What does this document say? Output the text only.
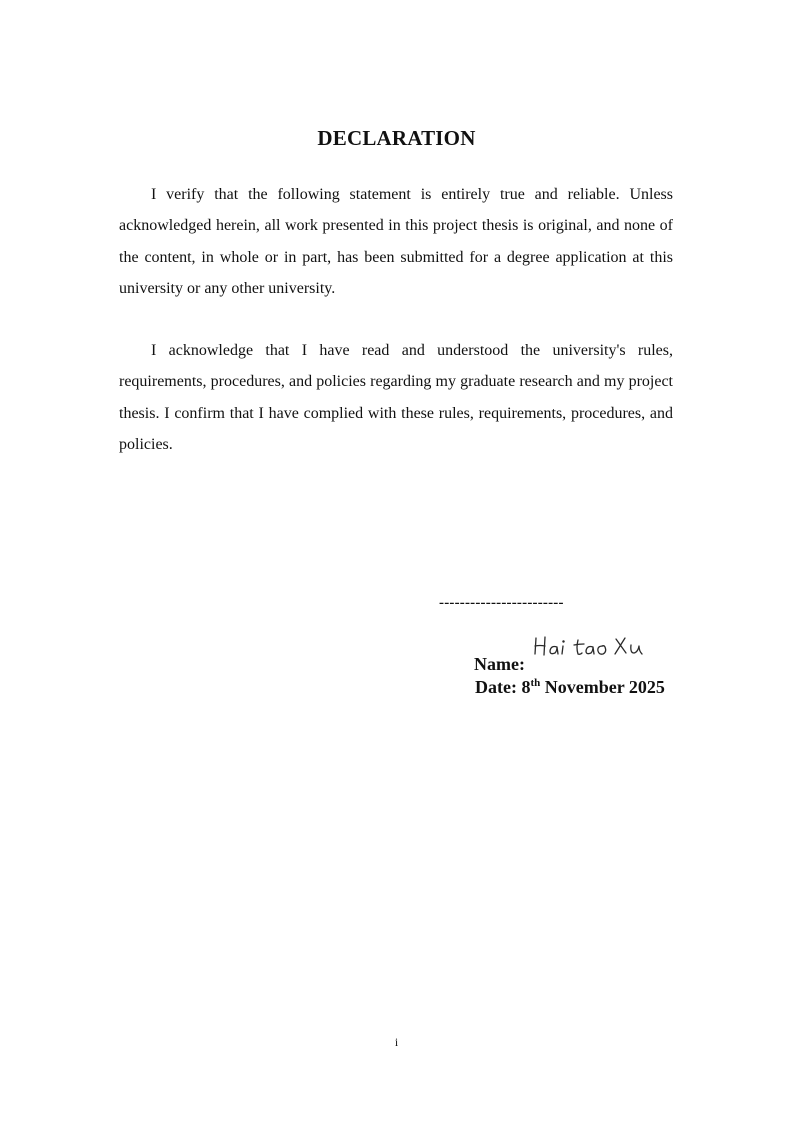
DECLARATION

I verify that the following statement is entirely true and reliable. Unless acknowledged herein, all work presented in this project thesis is original, and none of the content, in whole or in part, has been submitted for a degree application at this university or any other university.

I acknowledge that I have read and understood the university's rules, requirements, procedures, and policies regarding my graduate research and my project thesis. I confirm that I have complied with these rules, requirements, procedures, and policies.

------------------------
Name:
Date: 8th November 2025
i
